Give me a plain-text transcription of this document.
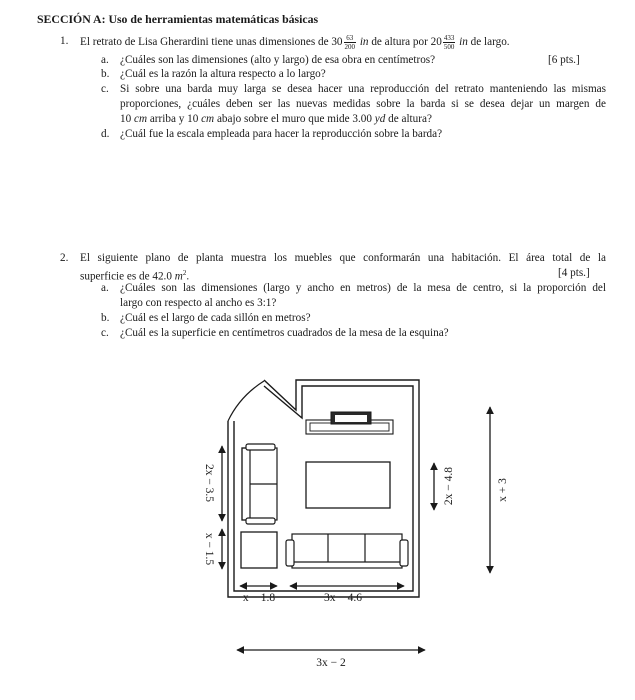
SECCIÓN A: Uso de herramientas matemáticas básicas
1. El retrato de Lisa Gherardini tiene unas dimensiones de $30 \frac{63}{200}$ in de altura por $20 \frac{433}{500}$ in de largo.
a. ¿Cuáles son las dimensiones (alto y largo) de esa obra en centímetros?	[6 pts.]
b. ¿Cuál es la razón la altura respecto a lo largo?
c. Si sobre una barda muy larga se desea hacer una reproducción del retrato manteniendo las mismas
proporciones, ¿cuáles deben ser las nuevas medidas sobre la barda si se desea dejar un margen de
10 cm arriba y 10 cm abajo sobre el muro que mide 3.00 yd de altura?
d. ¿Cuál fue la escala empleada para hacer la reproducción sobre la barda?
2. El siguiente plano de planta muestra los muebles que conformarán una habitación. El área total de la
superficie es de 42.0 $m^2$.	[4 pts.]
a. ¿Cuáles son las dimensiones (largo y ancho en metros) de la mesa de centro, si la proporción del
largo con respecto al ancho es 3:1?
b. ¿Cuál es el largo de cada sillón en metros?
c. ¿Cuál es la superficie en centímetros cuadrados de la mesa de la esquina?
2x − 3.5
x − 1.5
2x − 4.8	x + 3
x − 1.8	3x − 4.6
3x − 2
